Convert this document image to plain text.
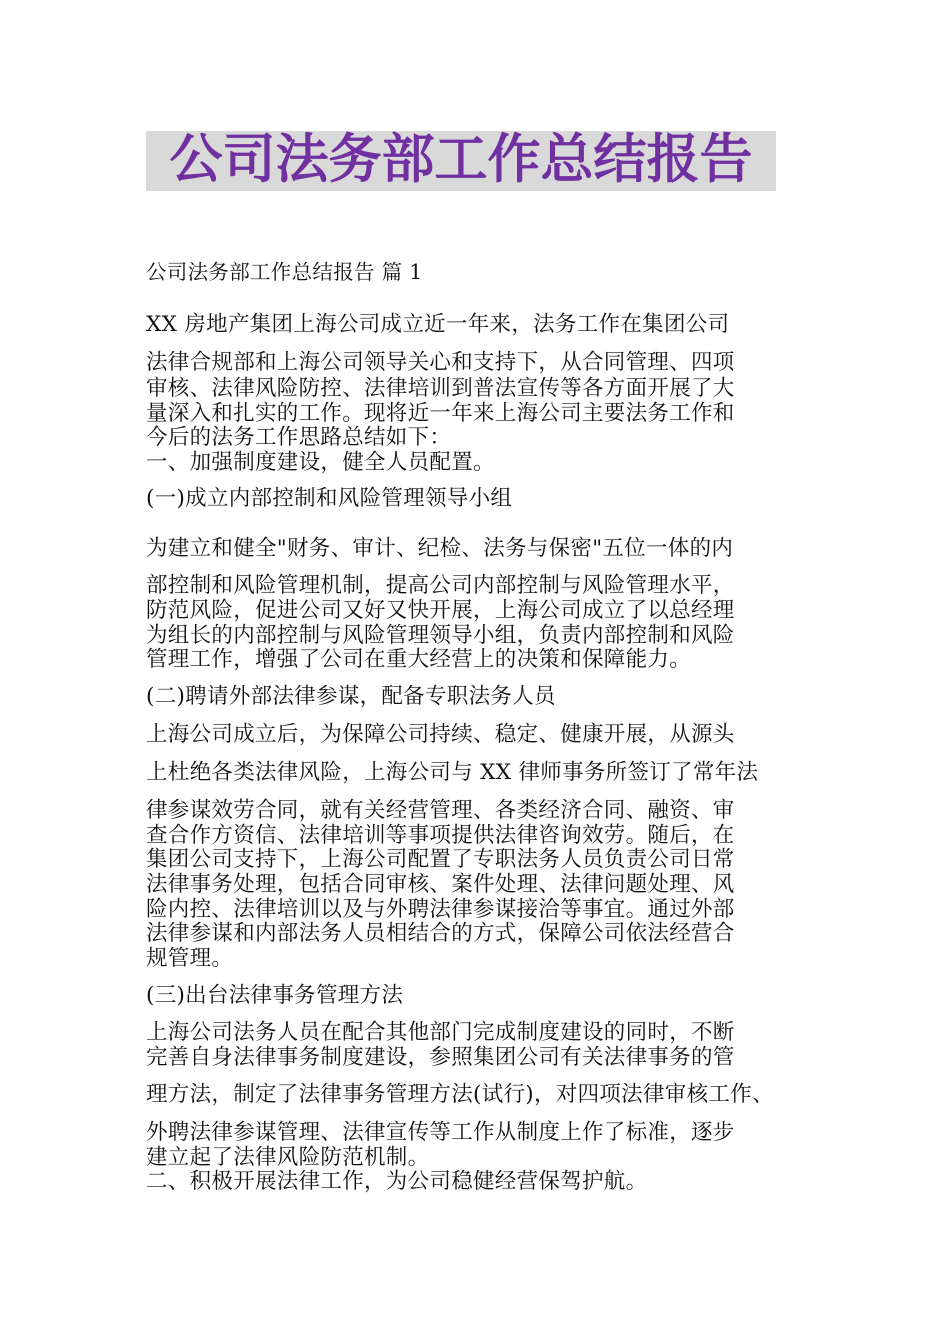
公司法务部工作总结报告
公司法务部工作总结报告 篇 1
XX 房地产集团上海公司成立近一年来，法务工作在集团公司
法律合规部和上海公司领导关心和支持下，从合同管理、四项
审核、法律风险防控、法律培训到普法宣传等各方面开展了大
量深入和扎实的工作。现将近一年来上海公司主要法务工作和
今后的法务工作思路总结如下：
一、加强制度建设，健全人员配置。
(一)成立内部控制和风险管理领导小组
为建立和健全"财务、审计、纪检、法务与保密"五位一体的内
部控制和风险管理机制，提高公司内部控制与风险管理水平，
防范风险，促进公司又好又快开展，上海公司成立了以总经理
为组长的内部控制与风险管理领导小组，负责内部控制和风险
管理工作，增强了公司在重大经营上的决策和保障能力。
(二)聘请外部法律参谋，配备专职法务人员
上海公司成立后，为保障公司持续、稳定、健康开展，从源头
上杜绝各类法律风险，上海公司与 XX 律师事务所签订了常年法
律参谋效劳合同，就有关经营管理、各类经济合同、融资、审
查合作方资信、法律培训等事项提供法律咨询效劳。随后，在
集团公司支持下，上海公司配置了专职法务人员负责公司日常
法律事务处理，包括合同审核、案件处理、法律问题处理、风
险内控、法律培训以及与外聘法律参谋接洽等事宜。通过外部
法律参谋和内部法务人员相结合的方式，保障公司依法经营合
规管理。
(三)出台法律事务管理方法
上海公司法务人员在配合其他部门完成制度建设的同时，不断
完善自身法律事务制度建设，参照集团公司有关法律事务的管
理方法，制定了法律事务管理方法(试行)，对四项法律审核工作、
外聘法律参谋管理、法律宣传等工作从制度上作了标准，逐步
建立起了法律风险防范机制。
二、积极开展法律工作，为公司稳健经营保驾护航。
